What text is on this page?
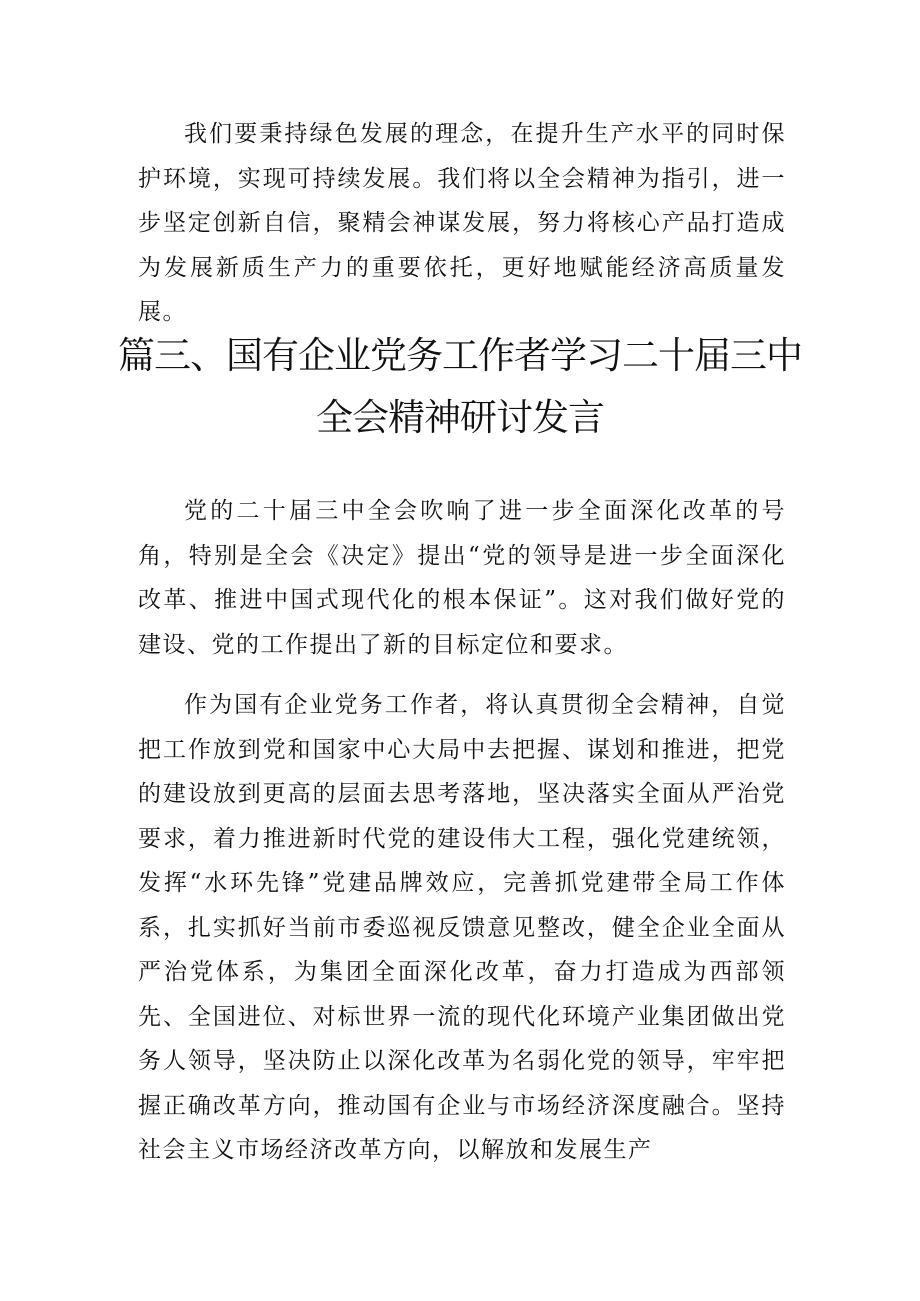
我们要秉持绿色发展的理念，在提升生产水平的同时保护环境，实现可持续发展。我们将以全会精神为指引，进一步坚定创新自信，聚精会神谋发展，努力将核心产品打造成为发展新质生产力的重要依托，更好地赋能经济高质量发展。

篇三、国有企业党务工作者学习二十届三中全会精神研讨发言

党的二十届三中全会吹响了进一步全面深化改革的号角，特别是全会《决定》提出“党的领导是进一步全面深化改革、推进中国式现代化的根本保证”。这对我们做好党的建设、党的工作提出了新的目标定位和要求。

作为国有企业党务工作者，将认真贯彻全会精神，自觉把工作放到党和国家中心大局中去把握、谋划和推进，把党的建设放到更高的层面去思考落地，坚决落实全面从严治党要求，着力推进新时代党的建设伟大工程，强化党建统领，发挥“水环先锋”党建品牌效应，完善抓党建带全局工作体系，扎实抓好当前市委巡视反馈意见整改，健全企业全面从严治党体系，为集团全面深化改革，奋力打造成为西部领先、全国进位、对标世界一流的现代化环境产业集团做出党务人领导，坚决防止以深化改革为名弱化党的领导，牢牢把握正确改革方向，推动国有企业与市场经济深度融合。坚持社会主义市场经济改革方向，以解放和发展生产
